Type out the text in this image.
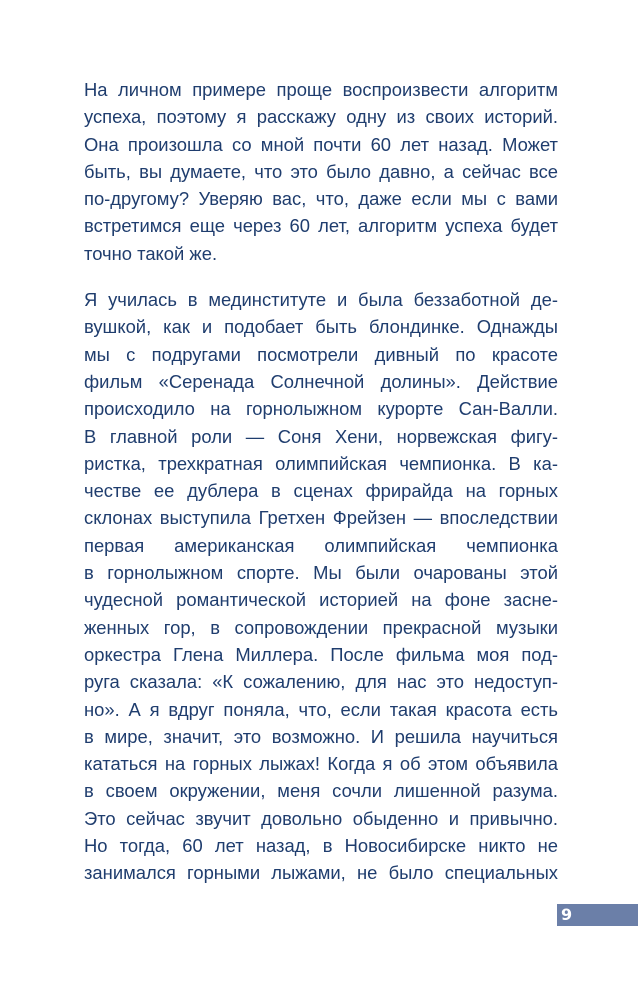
На личном примере проще воспроизвести алгоритм
успеха, поэтому я расскажу одну из своих историй.
Она произошла со мной почти 60 лет назад. Может
быть, вы думаете, что это было давно, а сейчас все
по-другому? Уверяю вас, что, даже если мы с вами
встретимся еще через 60 лет, алгоритм успеха будет
точно такой же.

Я училась в мединституте и была беззаботной де-
вушкой, как и подобает быть блондинке. Однажды
мы с подругами посмотрели дивный по красоте
фильм «Серенада Солнечной долины». Действие
происходило на горнолыжном курорте Сан-Валли.
В главной роли — Соня Хени, норвежская фигу-
ристка, трехкратная олимпийская чемпионка. В ка-
честве ее дублера в сценах фрирайда на горных
склонах выступила Гретхен Фрейзен — впоследствии
первая американская олимпийская чемпионка
в горнолыжном спорте. Мы были очарованы этой
чудесной романтической историей на фоне засне-
женных гор, в сопровождении прекрасной музыки
оркестра Глена Миллера. После фильма моя под-
руга сказала: «К сожалению, для нас это недоступ-
но». А я вдруг поняла, что, если такая красота есть
в мире, значит, это возможно. И решила научиться
кататься на горных лыжах! Когда я об этом объявила
в своем окружении, меня сочли лишенной разума.
Это сейчас звучит довольно обыденно и привычно.
Но тогда, 60 лет назад, в Новосибирске никто не
занимался горными лыжами, не было специальных

9
